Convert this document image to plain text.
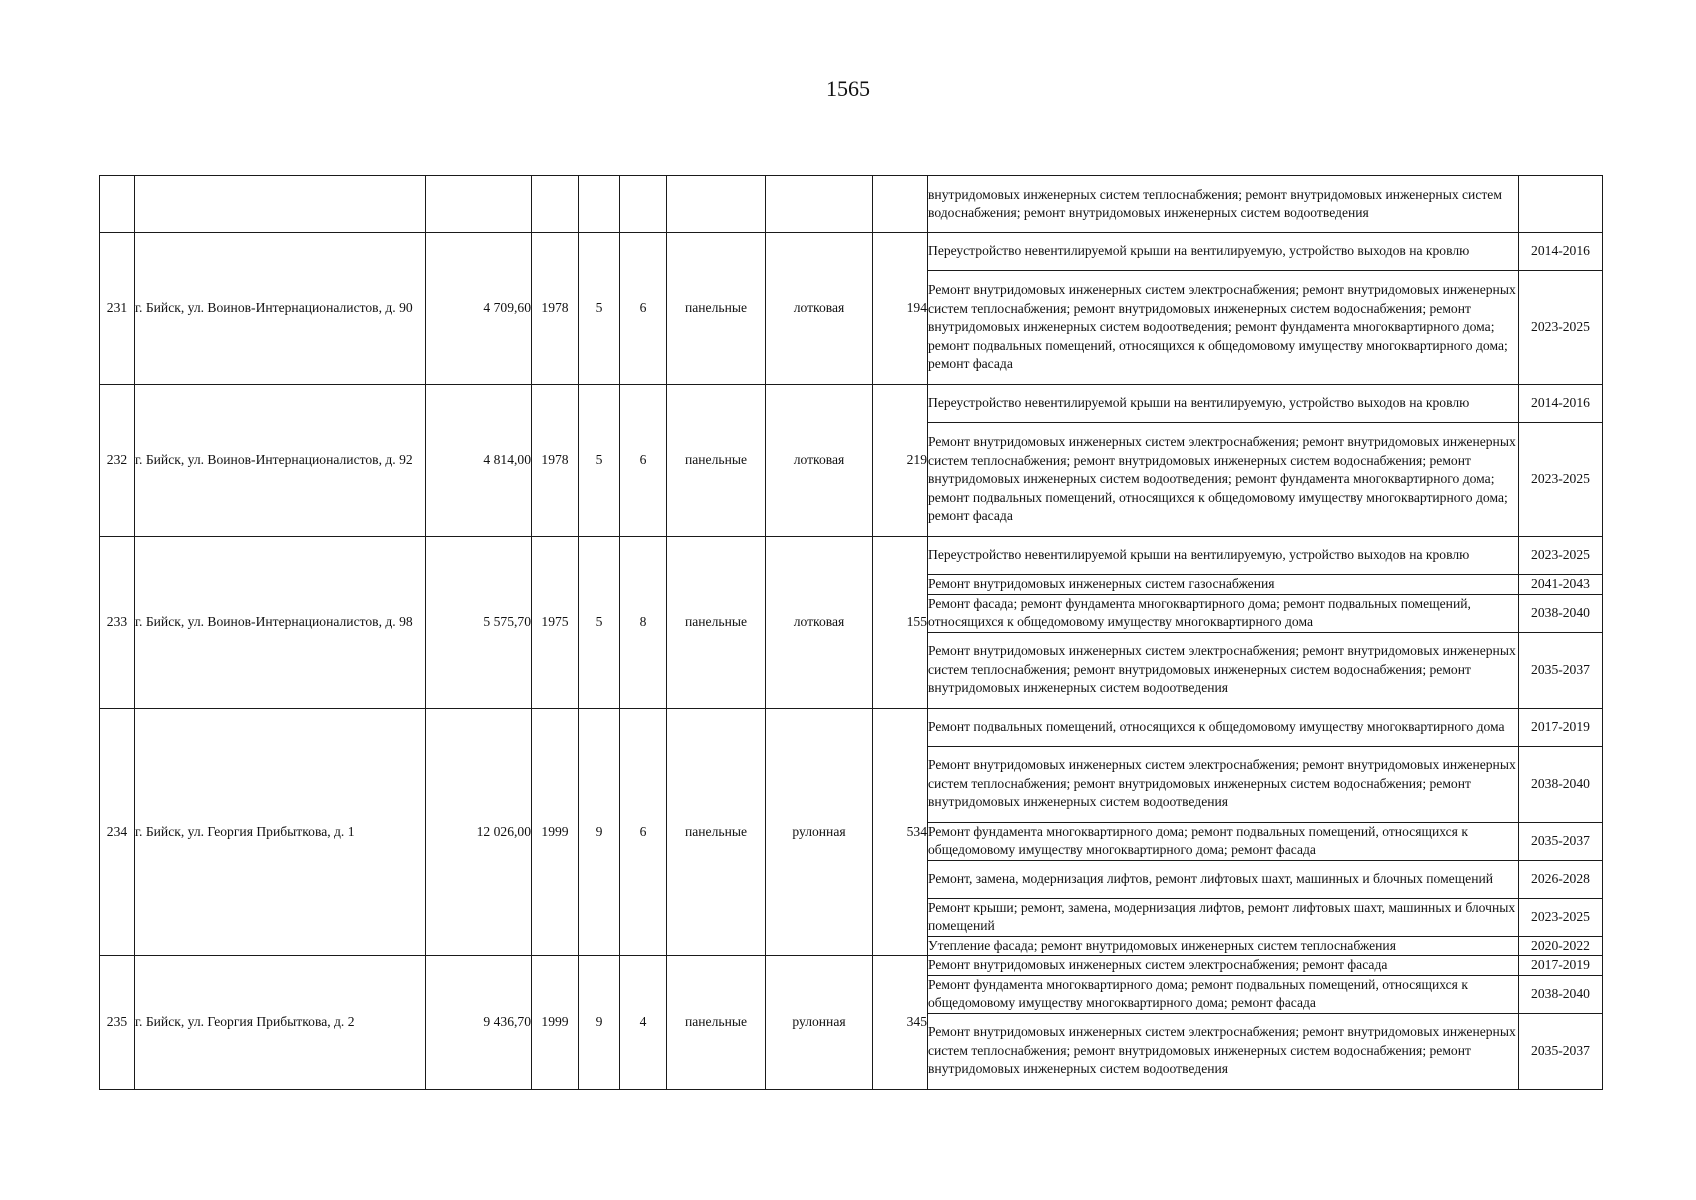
1565
									внутридомовых инженерных систем теплоснабжения; ремонт внутридомовых инженерных систем водоснабжения; ремонт внутридомовых инженерных систем водоотведения	
231	г. Бийск, ул. Воинов-Интернационалистов, д. 90	4 709,60	1978	5	6	панельные	лотковая	194	Переустройство невентилируемой крыши на вентилируемую, устройство выходов на кровлю	2014-2016
									Ремонт внутридомовых инженерных систем электроснабжения; ремонт внутридомовых инженерных систем теплоснабжения; ремонт внутридомовых инженерных систем водоснабжения; ремонт внутридомовых инженерных систем водоотведения; ремонт фундамента многоквартирного дома; ремонт подвальных помещений, относящихся к общедомовому имуществу многоквартирного дома; ремонт фасада	2023-2025
232	г. Бийск, ул. Воинов-Интернационалистов, д. 92	4 814,00	1978	5	6	панельные	лотковая	219	Переустройство невентилируемой крыши на вентилируемую, устройство выходов на кровлю	2014-2016
									Ремонт внутридомовых инженерных систем электроснабжения; ремонт внутридомовых инженерных систем теплоснабжения; ремонт внутридомовых инженерных систем водоснабжения; ремонт внутридомовых инженерных систем водоотведения; ремонт фундамента многоквартирного дома; ремонт подвальных помещений, относящихся к общедомовому имуществу многоквартирного дома; ремонт фасада	2023-2025
233	г. Бийск, ул. Воинов-Интернационалистов, д. 98	5 575,70	1975	5	8	панельные	лотковая	155	Переустройство невентилируемой крыши на вентилируемую, устройство выходов на кровлю	2023-2025
									Ремонт внутридомовых инженерных систем газоснабжения	2041-2043
									Ремонт фасада; ремонт фундамента многоквартирного дома; ремонт подвальных помещений, относящихся к общедомовому имуществу многоквартирного дома	2038-2040
									Ремонт внутридомовых инженерных систем электроснабжения; ремонт внутридомовых инженерных систем теплоснабжения; ремонт внутридомовых инженерных систем водоснабжения; ремонт внутридомовых инженерных систем водоотведения	2035-2037
234	г. Бийск, ул. Георгия Прибыткова, д. 1	12 026,00	1999	9	6	панельные	рулонная	534	Ремонт подвальных помещений, относящихся к общедомовому имуществу многоквартирного дома	2017-2019
									Ремонт внутридомовых инженерных систем электроснабжения; ремонт внутридомовых инженерных систем теплоснабжения; ремонт внутридомовых инженерных систем водоснабжения; ремонт внутридомовых инженерных систем водоотведения	2038-2040
									Ремонт фундамента многоквартирного дома; ремонт подвальных помещений, относящихся к общедомовому имуществу многоквартирного дома; ремонт фасада	2035-2037
									Ремонт, замена, модернизация лифтов, ремонт лифтовых шахт, машинных и блочных помещений	2026-2028
									Ремонт крыши; ремонт, замена, модернизация лифтов, ремонт лифтовых шахт, машинных и блочных помещений	2023-2025
									Утепление фасада; ремонт внутридомовых инженерных систем теплоснабжения	2020-2022
235	г. Бийск, ул. Георгия Прибыткова, д. 2	9 436,70	1999	9	4	панельные	рулонная	345	Ремонт внутридомовых инженерных систем электроснабжения; ремонт фасада	2017-2019
									Ремонт фундамента многоквартирного дома; ремонт подвальных помещений, относящихся к общедомовому имуществу многоквартирного дома; ремонт фасада	2038-2040
									Ремонт внутридомовых инженерных систем электроснабжения; ремонт внутридомовых инженерных систем теплоснабжения; ремонт внутридомовых инженерных систем водоснабжения; ремонт внутридомовых инженерных систем водоотведения	2035-2037
